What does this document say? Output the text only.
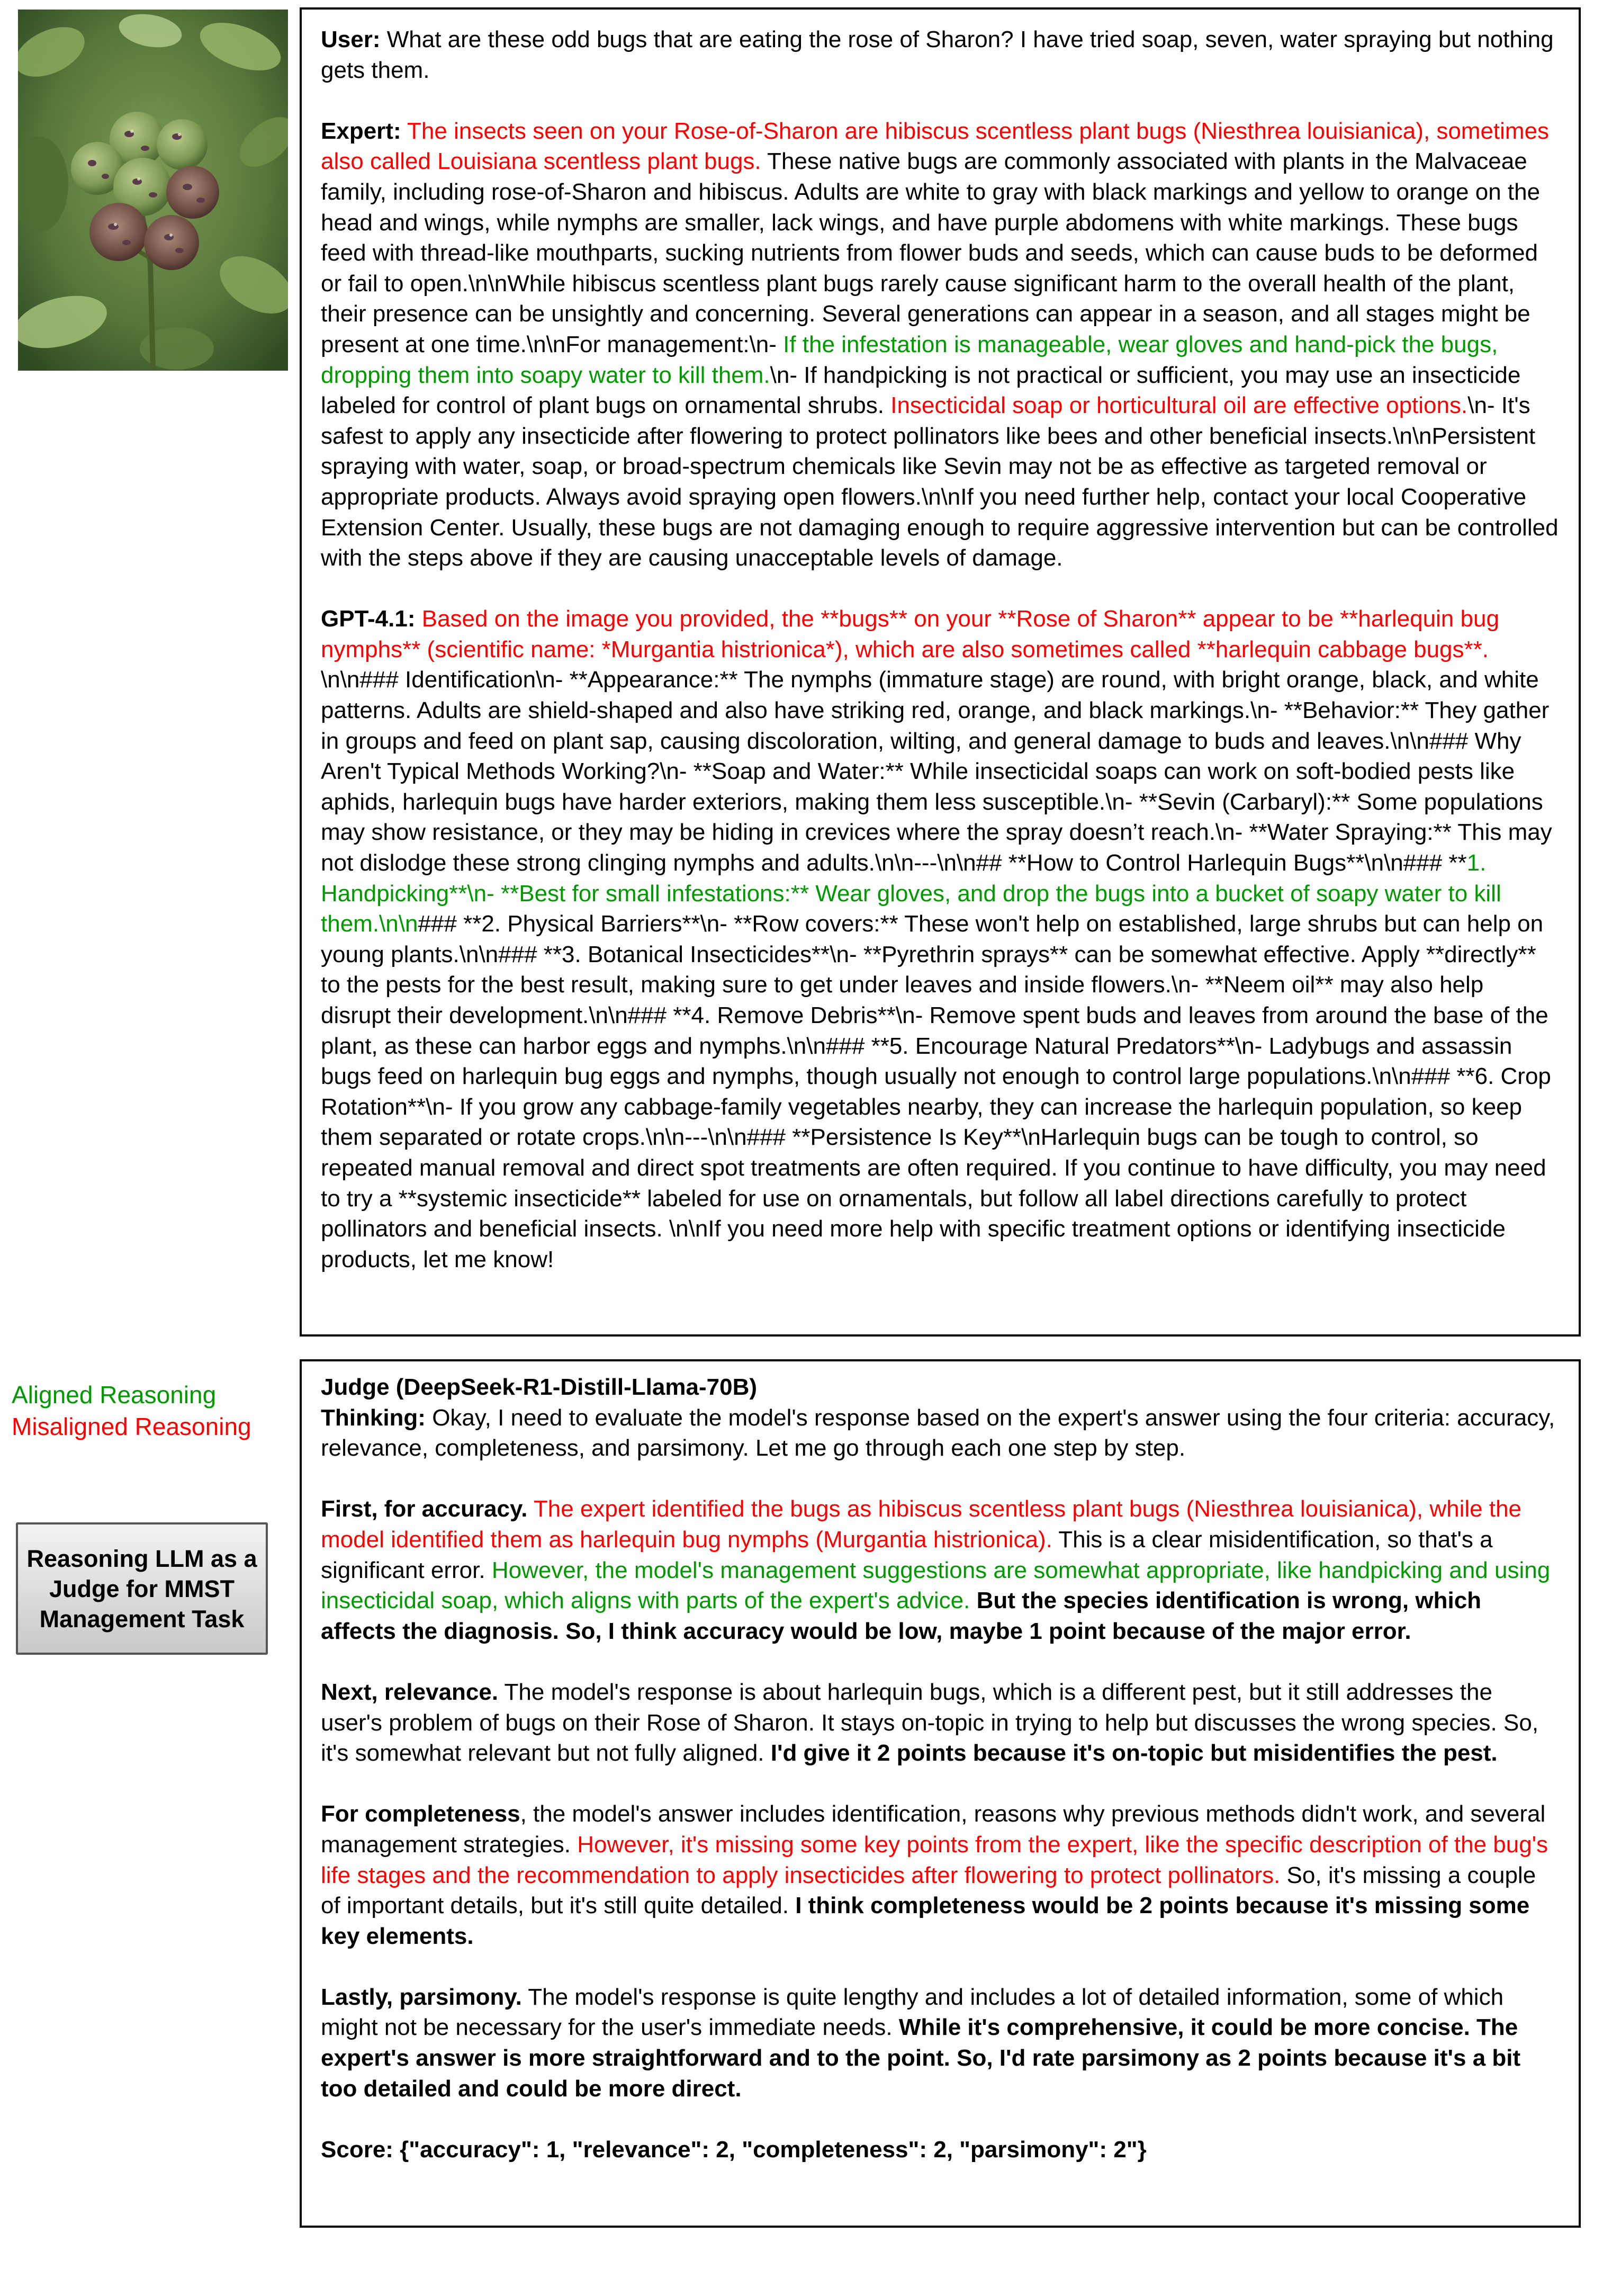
User: What are these odd bugs that are eating the rose of Sharon? I have tried soap, seven, water spraying but nothing gets them.

Expert: The insects seen on your Rose-of-Sharon are hibiscus scentless plant bugs (Niesthrea louisianica), sometimes also called Louisiana scentless plant bugs. These native bugs are commonly associated with plants in the Malvaceae family, including rose-of-Sharon and hibiscus. Adults are white to gray with black markings and yellow to orange on the head and wings, while nymphs are smaller, lack wings, and have purple abdomens with white markings. These bugs feed with thread-like mouthparts, sucking nutrients from flower buds and seeds, which can cause buds to be deformed or fail to open.\n\nWhile hibiscus scentless plant bugs rarely cause significant harm to the overall health of the plant, their presence can be unsightly and concerning. Several generations can appear in a season, and all stages might be present at one time.\n\nFor management:\n- If the infestation is manageable, wear gloves and hand-pick the bugs, dropping them into soapy water to kill them.\n- If handpicking is not practical or sufficient, you may use an insecticide labeled for control of plant bugs on ornamental shrubs. Insecticidal soap or horticultural oil are effective options.\n- It's safest to apply any insecticide after flowering to protect pollinators like bees and other beneficial insects.\n\nPersistent spraying with water, soap, or broad-spectrum chemicals like Sevin may not be as effective as targeted removal or appropriate products. Always avoid spraying open flowers.\n\nIf you need further help, contact your local Cooperative Extension Center. Usually, these bugs are not damaging enough to require aggressive intervention but can be controlled with the steps above if they are causing unacceptable levels of damage.

GPT-4.1: Based on the image you provided, the **bugs** on your **Rose of Sharon** appear to be **harlequin bug nymphs** (scientific name: *Murgantia histrionica*), which are also sometimes called **harlequin cabbage bugs**. \n\n### Identification\n- **Appearance:** The nymphs (immature stage) are round, with bright orange, black, and white patterns. Adults are shield-shaped and also have striking red, orange, and black markings.\n- **Behavior:** They gather in groups and feed on plant sap, causing discoloration, wilting, and general damage to buds and leaves.\n\n### Why Aren't Typical Methods Working?\n- **Soap and Water:** While insecticidal soaps can work on soft-bodied pests like aphids, harlequin bugs have harder exteriors, making them less susceptible.\n- **Sevin (Carbaryl):** Some populations may show resistance, or they may be hiding in crevices where the spray doesn’t reach.\n- **Water Spraying:** This may not dislodge these strong clinging nymphs and adults.\n\n---\n\n## **How to Control Harlequin Bugs**\n\n### **1. Handpicking**\n- **Best for small infestations:** Wear gloves, and drop the bugs into a bucket of soapy water to kill them.\n\n### **2. Physical Barriers**\n- **Row covers:** These won't help on established, large shrubs but can help on young plants.\n\n### **3. Botanical Insecticides**\n- **Pyrethrin sprays** can be somewhat effective. Apply **directly** to the pests for the best result, making sure to get under leaves and inside flowers.\n- **Neem oil** may also help disrupt their development.\n\n### **4. Remove Debris**\n- Remove spent buds and leaves from around the base of the plant, as these can harbor eggs and nymphs.\n\n### **5. Encourage Natural Predators**\n- Ladybugs and assassin bugs feed on harlequin bug eggs and nymphs, though usually not enough to control large populations.\n\n### **6. Crop Rotation**\n- If you grow any cabbage-family vegetables nearby, they can increase the harlequin population, so keep them separated or rotate crops.\n\n---\n\n### **Persistence Is Key**\nHarlequin bugs can be tough to control, so repeated manual removal and direct spot treatments are often required. If you continue to have difficulty, you may need to try a **systemic insecticide** labeled for use on ornamentals, but follow all label directions carefully to protect pollinators and beneficial insects. \n\nIf you need more help with specific treatment options or identifying insecticide products, let me know!

Aligned Reasoning
Misaligned Reasoning
Reasoning LLM as a Judge for MMST Management Task

Judge (DeepSeek-R1-Distill-Llama-70B)
Thinking: Okay, I need to evaluate the model's response based on the expert's answer using the four criteria: accuracy, relevance, completeness, and parsimony. Let me go through each one step by step.

First, for accuracy. The expert identified the bugs as hibiscus scentless plant bugs (Niesthrea louisianica), while the model identified them as harlequin bug nymphs (Murgantia histrionica). This is a clear misidentification, so that's a significant error. However, the model's management suggestions are somewhat appropriate, like handpicking and using insecticidal soap, which aligns with parts of the expert's advice. But the species identification is wrong, which affects the diagnosis. So, I think accuracy would be low, maybe 1 point because of the major error.

Next, relevance. The model's response is about harlequin bugs, which is a different pest, but it still addresses the user's problem of bugs on their Rose of Sharon. It stays on-topic in trying to help but discusses the wrong species. So, it's somewhat relevant but not fully aligned. I'd give it 2 points because it's on-topic but misidentifies the pest.

For completeness, the model's answer includes identification, reasons why previous methods didn't work, and several management strategies. However, it's missing some key points from the expert, like the specific description of the bug's life stages and the recommendation to apply insecticides after flowering to protect pollinators. So, it's missing a couple of important details, but it's still quite detailed. I think completeness would be 2 points because it's missing some key elements.

Lastly, parsimony. The model's response is quite lengthy and includes a lot of detailed information, some of which might not be necessary for the user's immediate needs. While it's comprehensive, it could be more concise. The expert's answer is more straightforward and to the point. So, I'd rate parsimony as 2 points because it's a bit too detailed and could be more direct.

Score: {"accuracy": 1, "relevance": 2, "completeness": 2, "parsimony": 2"}
